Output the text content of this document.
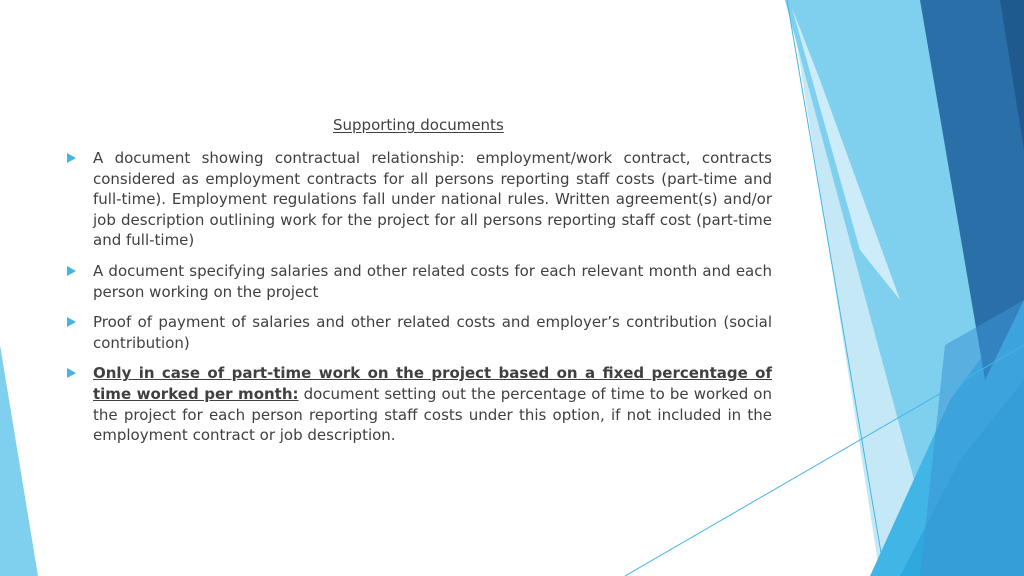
Supporting documents
A document showing contractual relationship: employment/work contract, contracts considered as employment contracts for all persons reporting staff costs (part-time and full-time). Employment regulations fall under national rules. Written agreement(s) and/or job description outlining work for the project for all persons reporting staff cost (part-time and full-time)
A document specifying salaries and other related costs for each relevant month and each person working on the project
Proof of payment of salaries and other related costs and employer’s contribution (social contribution)
Only in case of part-time work on the project based on a fixed percentage of time worked per month: document setting out the percentage of time to be worked on the project for each person reporting staff costs under this option, if not included in the employment contract or job description.
